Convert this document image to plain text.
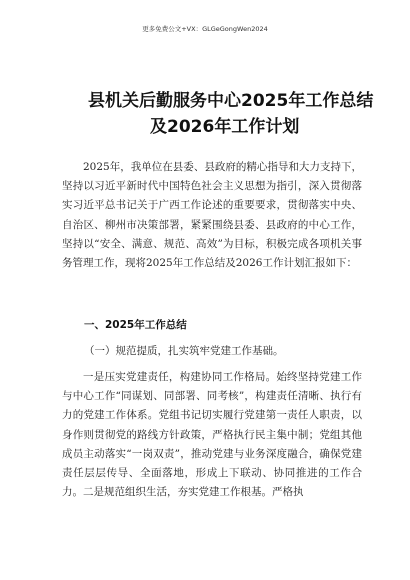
更多免费公文+VX：GLGeGongWen2024
县机关后勤服务中心2025年工作总结
及2026年工作计划

2025年，我单位在县委、县政府的精心指导和大力支持下，坚持以习近平新时代中国特色社会主义思想为指引，深入贯彻落实习近平总书记关于广西工作论述的重要要求，贯彻落实中央、自治区、柳州市决策部署，紧紧围绕县委、县政府的中心工作，坚持以“安全、满意、规范、高效”为目标，积极完成各项机关事务管理工作，现将2025年工作总结及2026工作计划汇报如下：

一、2025年工作总结
（一）规范提质，扎实筑牢党建工作基础。

一是压实党建责任，构建协同工作格局。始终坚持党建工作与中心工作“同谋划、同部署、同考核”，构建责任清晰、执行有力的党建工作体系。党组书记切实履行党建第一责任人职责，以身作则贯彻党的路线方针政策，严格执行民主集中制；党组其他成员主动落实“一岗双责”，推动党建与业务深度融合，确保党建责任层层传导、全面落地，形成上下联动、协同推进的工作合力。二是规范组织生活，夯实党建工作根基。严格执
